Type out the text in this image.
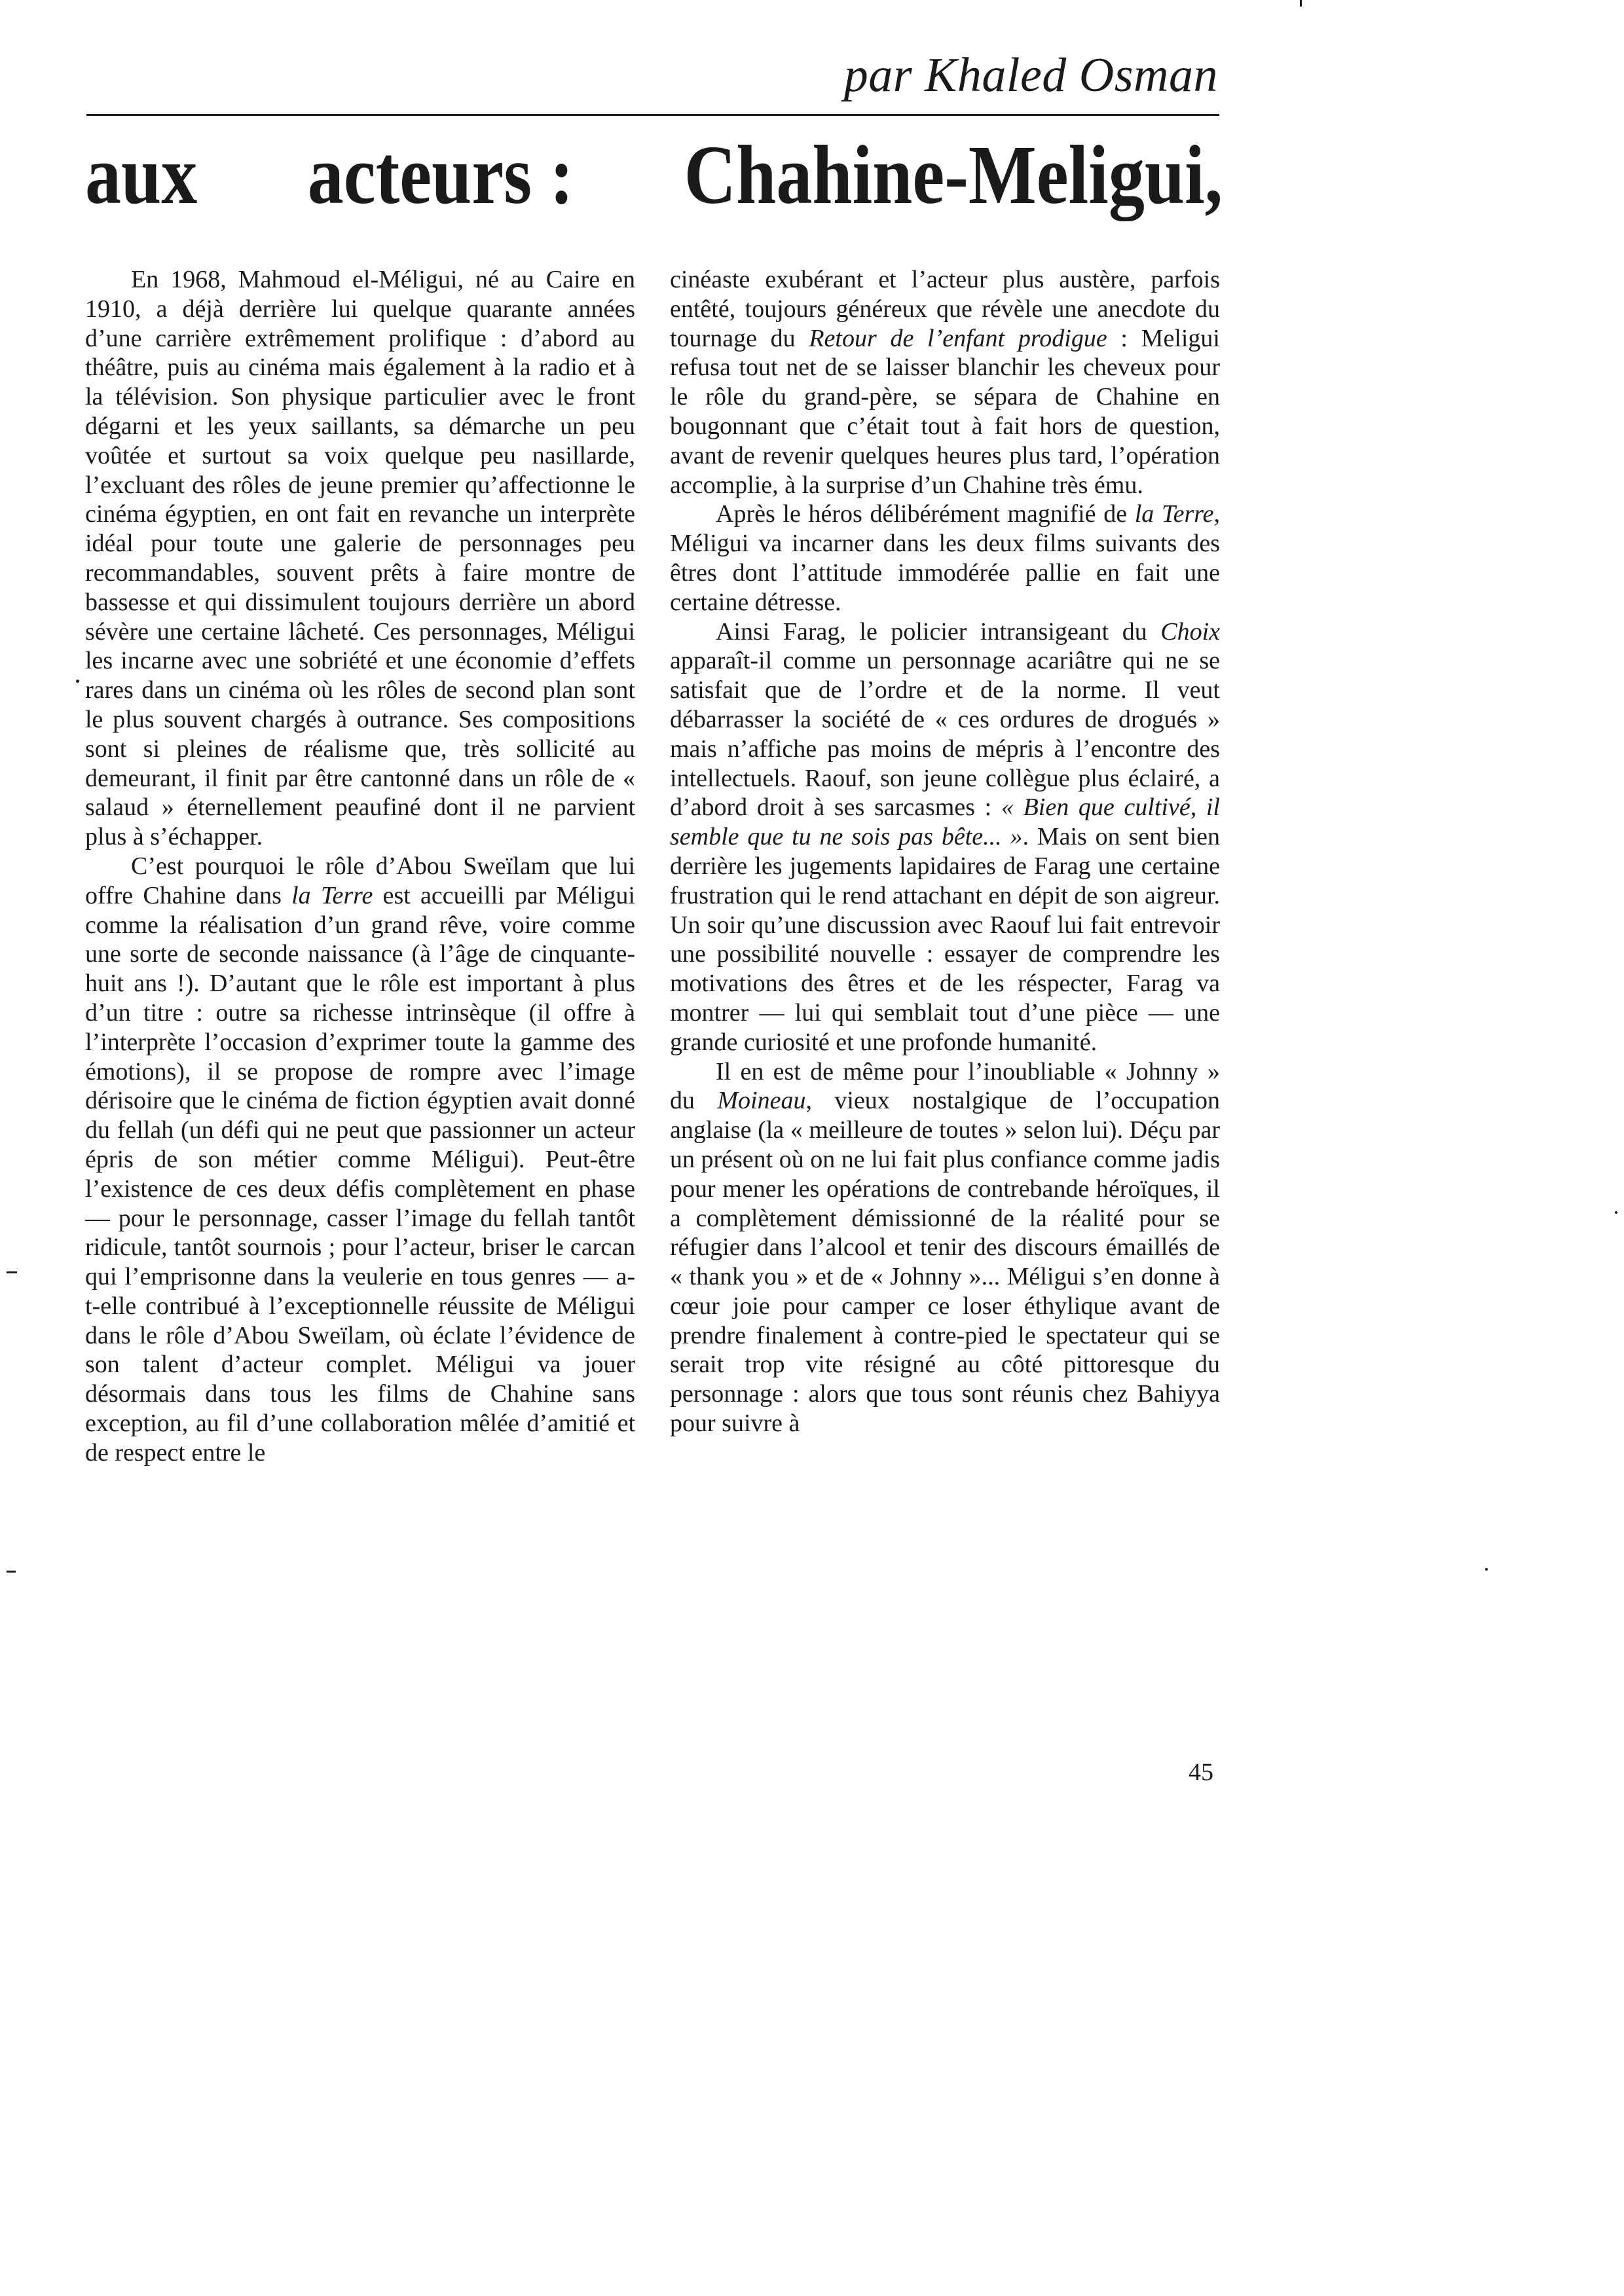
par Khaled Osman
aux acteurs : Chahine-Meligui,

En 1968, Mahmoud el-Méligui, né au Caire en 1910, a déjà derrière lui quelque quarante années d’une carrière extrêmement prolifique : d’abord au théâtre, puis au cinéma mais également à la radio et à la télévision. Son physique particulier avec le front dégarni et les yeux saillants, sa démarche un peu voûtée et surtout sa voix quelque peu nasillarde, l’excluant des rôles de jeune premier qu’affectionne le cinéma égyptien, en ont fait en revanche un interprète idéal pour toute une galerie de personnages peu recommandables, souvent prêts à faire montre de bassesse et qui dissimulent toujours derrière un abord sévère une certaine lâcheté. Ces personnages, Méligui les incarne avec une sobriété et une économie d’effets rares dans un cinéma où les rôles de second plan sont le plus souvent chargés à outrance. Ses compositions sont si pleines de réalisme que, très sollicité au demeurant, il finit par être cantonné dans un rôle de « salaud » éternellement peaufiné dont il ne parvient plus à s’échapper.

C’est pourquoi le rôle d’Abou Sweïlam que lui offre Chahine dans la Terre est accueilli par Méligui comme la réalisation d’un grand rêve, voire comme une sorte de seconde naissance (à l’âge de cinquante-huit ans !). D’autant que le rôle est important à plus d’un titre : outre sa richesse intrinsèque (il offre à l’interprète l’occasion d’exprimer toute la gamme des émotions), il se propose de rompre avec l’image dérisoire que le cinéma de fiction égyptien avait donné du fellah (un défi qui ne peut que passionner un acteur épris de son métier comme Méligui). Peut-être l’existence de ces deux défis complètement en phase — pour le personnage, casser l’image du fellah tantôt ridicule, tantôt sournois ; pour l’acteur, briser le carcan qui l’emprisonne dans la veulerie en tous genres — a-t-elle contribué à l’exceptionnelle réussite de Méligui dans le rôle d’Abou Sweïlam, où éclate l’évidence de son talent d’acteur complet. Méligui va jouer désormais dans tous les films de Chahine sans exception, au fil d’une collaboration mêlée d’amitié et de respect entre le

cinéaste exubérant et l’acteur plus austère, parfois entêté, toujours généreux que révèle une anecdote du tournage du Retour de l’enfant prodigue : Meligui refusa tout net de se laisser blanchir les cheveux pour le rôle du grand-père, se sépara de Chahine en bougonnant que c’était tout à fait hors de question, avant de revenir quelques heures plus tard, l’opération accomplie, à la surprise d’un Chahine très ému.

Après le héros délibérément magnifié de la Terre, Méligui va incarner dans les deux films suivants des êtres dont l’attitude immodérée pallie en fait une certaine détresse.

Ainsi Farag, le policier intransigeant du Choix apparaît-il comme un personnage acariâtre qui ne se satisfait que de l’ordre et de la norme. Il veut débarrasser la société de « ces ordures de drogués » mais n’affiche pas moins de mépris à l’encontre des intellectuels. Raouf, son jeune collègue plus éclairé, a d’abord droit à ses sarcasmes : « Bien que cultivé, il semble que tu ne sois pas bête... ». Mais on sent bien derrière les jugements lapidaires de Farag une certaine frustration qui le rend attachant en dépit de son aigreur. Un soir qu’une discussion avec Raouf lui fait entrevoir une possibilité nouvelle : essayer de comprendre les motivations des êtres et de les réspecter, Farag va montrer — lui qui semblait tout d’une pièce — une grande curiosité et une profonde humanité.

Il en est de même pour l’inoubliable « Johnny » du Moineau, vieux nostalgique de l’occupation anglaise (la « meilleure de toutes » selon lui). Déçu par un présent où on ne lui fait plus confiance comme jadis pour mener les opérations de contrebande héroïques, il a complètement démissionné de la réalité pour se réfugier dans l’alcool et tenir des discours émaillés de « thank you » et de « Johnny »... Méligui s’en donne à cœur joie pour camper ce loser éthylique avant de prendre finalement à contre-pied le spectateur qui se serait trop vite résigné au côté pittoresque du personnage : alors que tous sont réunis chez Bahiyya pour suivre à

45
